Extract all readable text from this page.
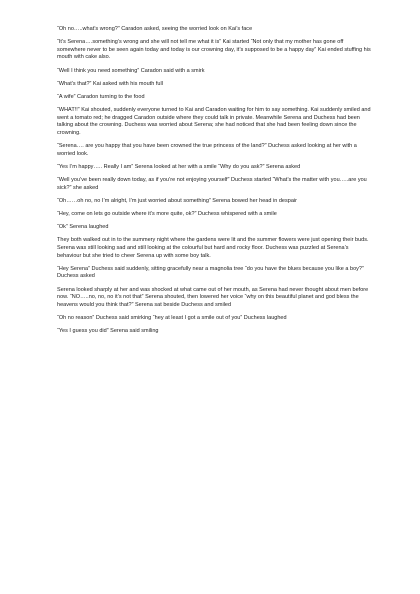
“Oh no…..what’s wrong?” Caradon asked, seeing the worried look on Kai’s face

“It’s Serena….something’s wrong and she will not tell me what it is” Kai started “Not only that my mother has gone off somewhere never to be seen again today and today is our crowning day, it’s supposed to be a happy day” Kai ended stuffing his mouth with cake also.

“Well I think you need something” Caradon said with a smirk

“What’s that?” Kai asked with his mouth full

“A wife” Caradon turning to the food

“WHAT!!” Kai shouted, suddenly everyone turned to Kai and Caradon waiting for him to say something. Kai suddenly smiled and went a tomato red; he dragged Caradon outside where they could talk in private. Meanwhile Serena and Duchess had been talking about the crowning. Duchess was worried about Serena; she had noticed that she had been feeling down since the crowning.

“Serena…. are you happy that you have been crowned the true princess of the land?” Duchess asked looking at her with a worried look.

“Yes I’m happy….. Really I am” Serena looked at her with a smile “Why do you ask?” Serena asked

“Well you’ve been really down today, as if you’re not enjoying yourself” Duchess started “What’s the matter with you…..are you sick?” she asked

“Oh……oh no, no I’m alright, I’m just worried about something” Serena bowed her head in despair

“Hey, come on lets go outside where it’s more quite, ok?” Duchess whispered with a smile

“Ok” Serena laughed

They both walked out in to the summery night where the gardens were lit and the summer flowers were just opening their buds. Serena was still looking sad and still looking at the colourful but hard and rocky floor. Duchess was puzzled at Serena’s behaviour but she tried to cheer Serena up with some boy talk.

“Hey Serena” Duchess said suddenly, sitting gracefully near a magnolia tree “do you have the blues because you like a boy?” Duchess asked

Serena looked sharply at her and was shocked at what came out of her mouth, as Serena had never thought about men before now. “NO…..no, no, no it’s not that” Serena shouted, then lowered her voice “why on this beautiful planet and god bless the heavens would you think that?” Serena sat beside Duchess and smiled

“Oh no reason” Duchess said smirking “hey at least I got a smile out of you” Duchess laughed

“Yes I guess you did” Serena said smiling
